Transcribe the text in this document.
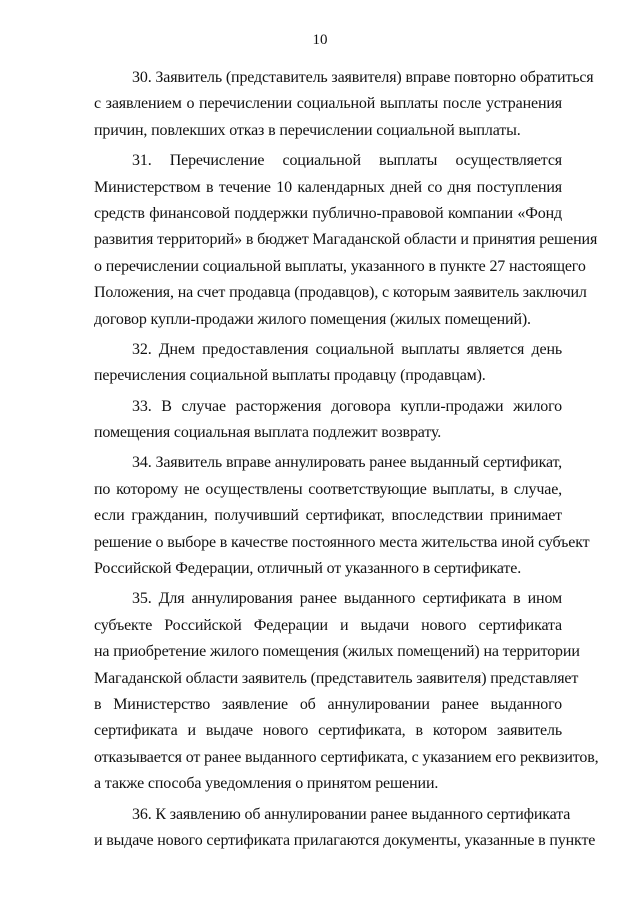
10
30. Заявитель (представитель заявителя) вправе повторно обратиться
с заявлением о перечислении социальной выплаты после устранения
причин, повлекших отказ в перечислении социальной выплаты.
31. Перечисление социальной выплаты осуществляется
Министерством в течение 10 календарных дней со дня поступления
средств финансовой поддержки публично-правовой компании «Фонд
развития территорий» в бюджет Магаданской области и принятия решения
о перечислении социальной выплаты, указанного в пункте 27 настоящего
Положения, на счет продавца (продавцов), с которым заявитель заключил
договор купли-продажи жилого помещения (жилых помещений).
32. Днем предоставления социальной выплаты является день
перечисления социальной выплаты продавцу (продавцам).
33. В случае расторжения договора купли-продажи жилого
помещения социальная выплата подлежит возврату.
34. Заявитель вправе аннулировать ранее выданный сертификат,
по которому не осуществлены соответствующие выплаты, в случае,
если гражданин, получивший сертификат, впоследствии принимает
решение о выборе в качестве постоянного места жительства иной субъект
Российской Федерации, отличный от указанного в сертификате.
35. Для аннулирования ранее выданного сертификата в ином
субъекте Российской Федерации и выдачи нового сертификата
на приобретение жилого помещения (жилых помещений) на территории
Магаданской области заявитель (представитель заявителя) представляет
в Министерство заявление об аннулировании ранее выданного
сертификата и выдаче нового сертификата, в котором заявитель
отказывается от ранее выданного сертификата, с указанием его реквизитов,
а также способа уведомления о принятом решении.
36. К заявлению об аннулировании ранее выданного сертификата
и выдаче нового сертификата прилагаются документы, указанные в пункте
